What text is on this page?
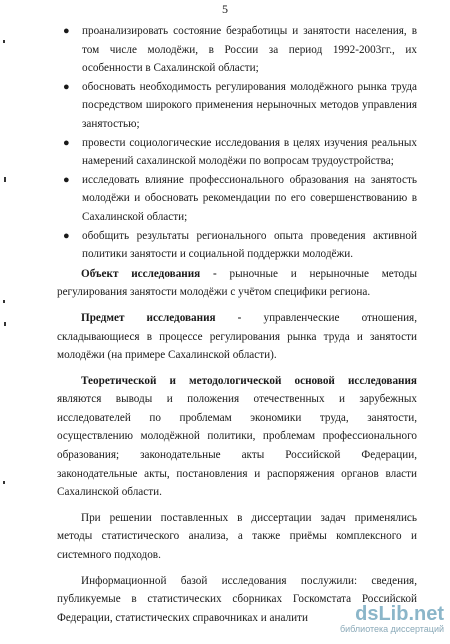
5
● проанализировать состояние безработицы и занятости населения, в том числе молодёжи, в России за период 1992-2003гг., их особенности в Сахалинской области;
● обосновать необходимость регулирования молодёжного рынка труда посредством широкого применения нерыночных методов управления занятостью;
● провести социологические исследования в целях изучения реальных намерений сахалинской молодёжи по вопросам трудоустройства;
● исследовать влияние профессионального образования на занятость молодёжи и обосновать рекомендации по его совершенствованию в Сахалинской области;
● обобщить результаты регионального опыта проведения активной политики занятости и социальной поддержки молодёжи.

Объект исследования - рыночные и нерыночные методы регулирования занятости молодёжи с учётом специфики региона.

Предмет исследования - управленческие отношения, складывающиеся в процессе регулирования рынка труда и занятости молодёжи (на примере Сахалинской области).

Теоретической и методологической основой исследования являются выводы и положения отечественных и зарубежных исследователей по проблемам экономики труда, занятости, осуществлению молодёжной политики, проблемам профессионального образования; законодательные акты Российской Федерации, законодательные акты, постановления и распоряжения органов власти Сахалинской области.

При решении поставленных в диссертации задач применялись методы статистического анализа, а также приёмы комплексного и системного подходов.

Информационной базой исследования послужили: сведения, публикуемые в статистических сборниках Госкомстата Российской Федерации, статистических справочниках и аналити	dsLib.net
библиотека диссертаций
